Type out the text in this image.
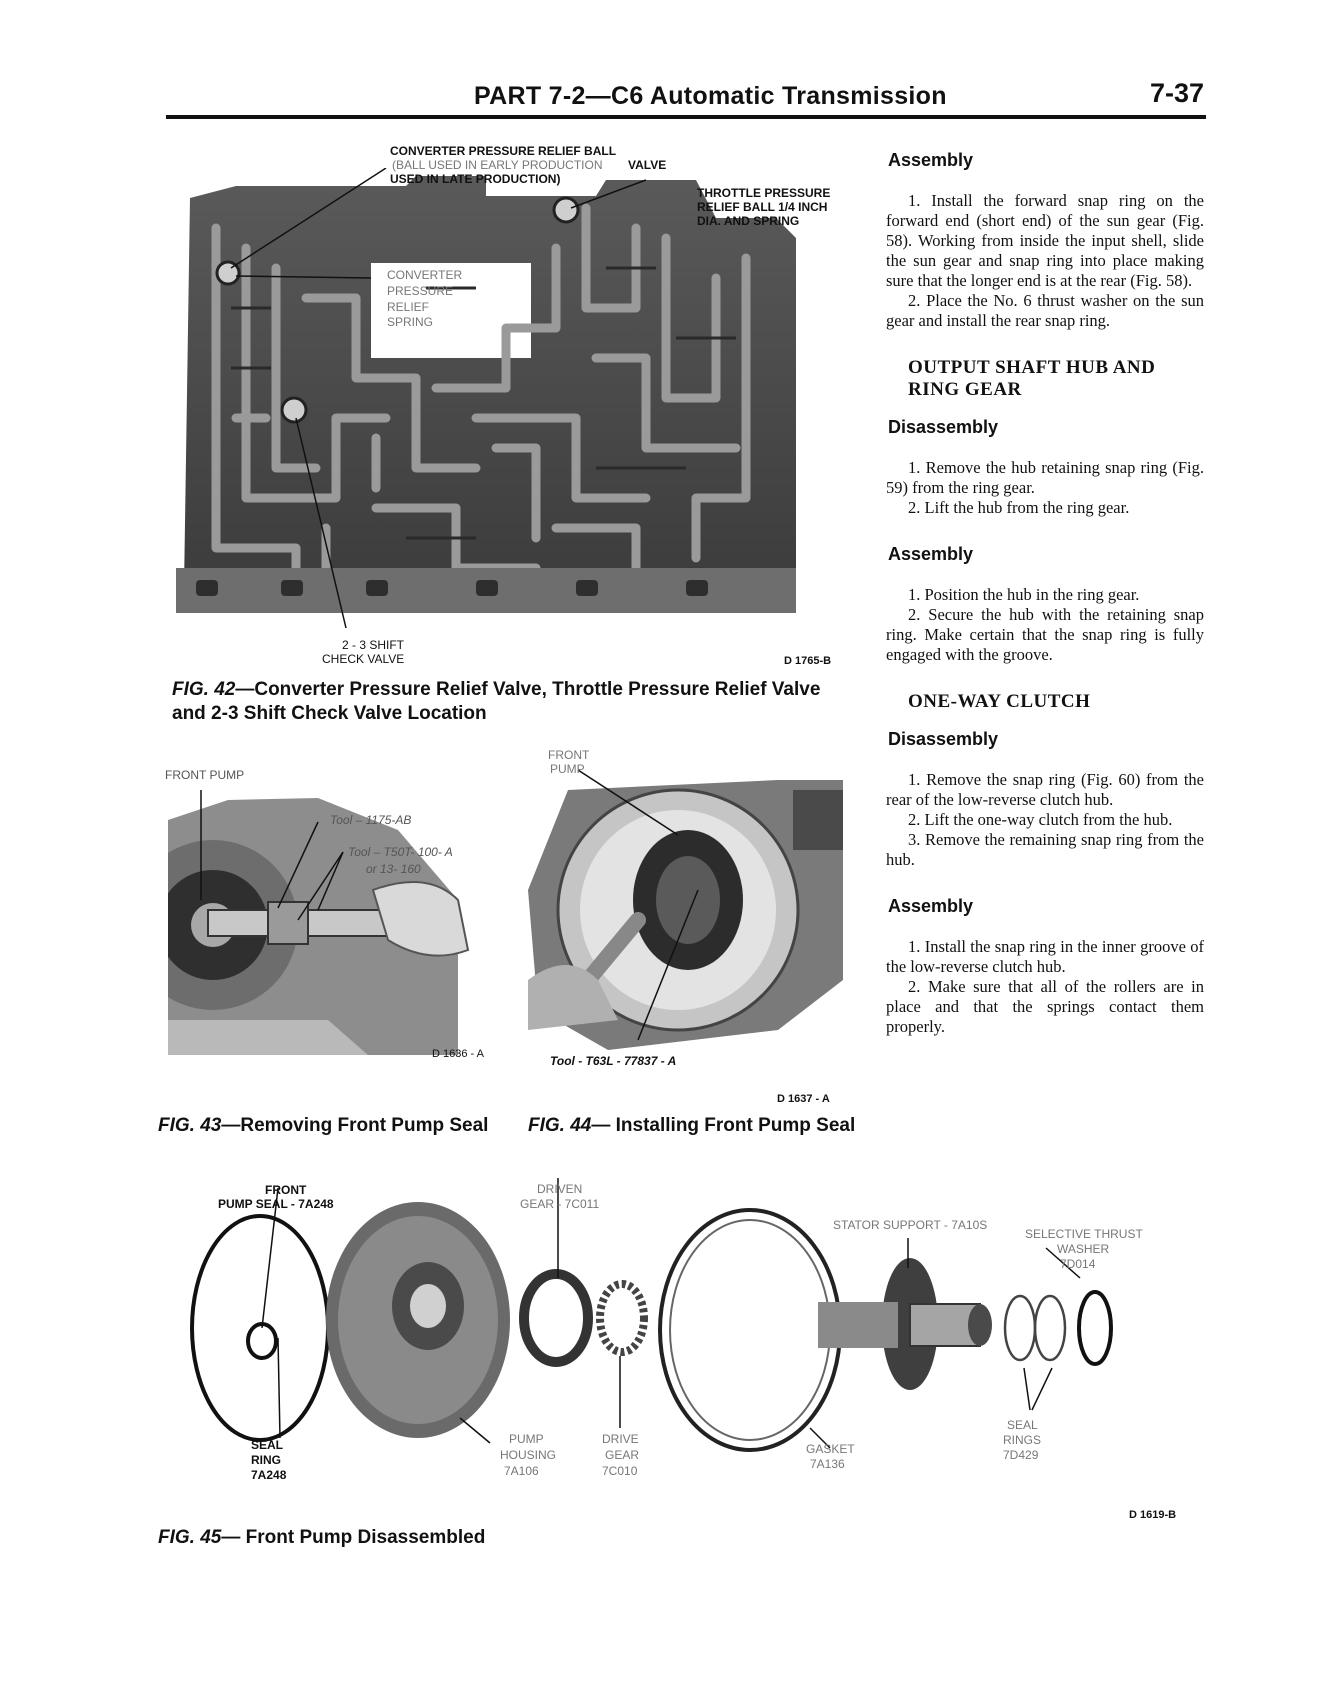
PART 7-2—C6 Automatic Transmission	7-37
CONVERTER PRESSURE RELIEF BALL
(BALL USED IN EARLY PRODUCTION VALVE
USED IN LATE PRODUCTION)
THROTTLE PRESSURE
RELIEF BALL 1/4 INCH
DIA. AND SPRING
CONVERTER
PRESSURE
RELIEF
SPRING
2 - 3 SHIFT
CHECK VALVE	D 1765-B
FIG. 42—Converter Pressure Relief Valve, Throttle Pressure Relief Valve and 2-3 Shift Check Valve Location
FRONT PUMP
Tool – 1175-AB
Tool – T50T- 100- A
or 13- 160
D 1636 - A
FIG. 43—Removing Front Pump Seal
FRONT
PUMP
Tool - T63L - 77837 - A
D 1637 - A
FIG. 44— Installing Front Pump Seal
FRONT
PUMP SEAL - 7A248
DRIVEN
GEAR - 7C011
STATOR SUPPORT - 7A10S
SELECTIVE THRUST
WASHER
7D014
SEAL
RING
7A248
PUMP
HOUSING
7A106
DRIVE
GEAR
7C010
GASKET
7A136
SEAL
RINGS
7D429
D 1619-B
FIG. 45— Front Pump Disassembled
Assembly

1. Install the forward snap ring on the forward end (short end) of the sun gear (Fig. 58). Working from inside the input shell, slide the sun gear and snap ring into place making sure that the longer end is at the rear (Fig. 58).

2. Place the No. 6 thrust washer on the sun gear and install the rear snap ring.

OUTPUT SHAFT HUB AND RING GEAR
Disassembly

1. Remove the hub retaining snap ring (Fig. 59) from the ring gear.

2. Lift the hub from the ring gear.

Assembly

1. Position the hub in the ring gear.

2. Secure the hub with the retaining snap ring. Make certain that the snap ring is fully engaged with the groove.

ONE-WAY CLUTCH
Disassembly

1. Remove the snap ring (Fig. 60) from the rear of the low-reverse clutch hub.

2. Lift the one-way clutch from the hub.

3. Remove the remaining snap ring from the hub.

Assembly

1. Install the snap ring in the inner groove of the low-reverse clutch hub.

2. Make sure that all of the rollers are in place and that the springs contact them properly.
